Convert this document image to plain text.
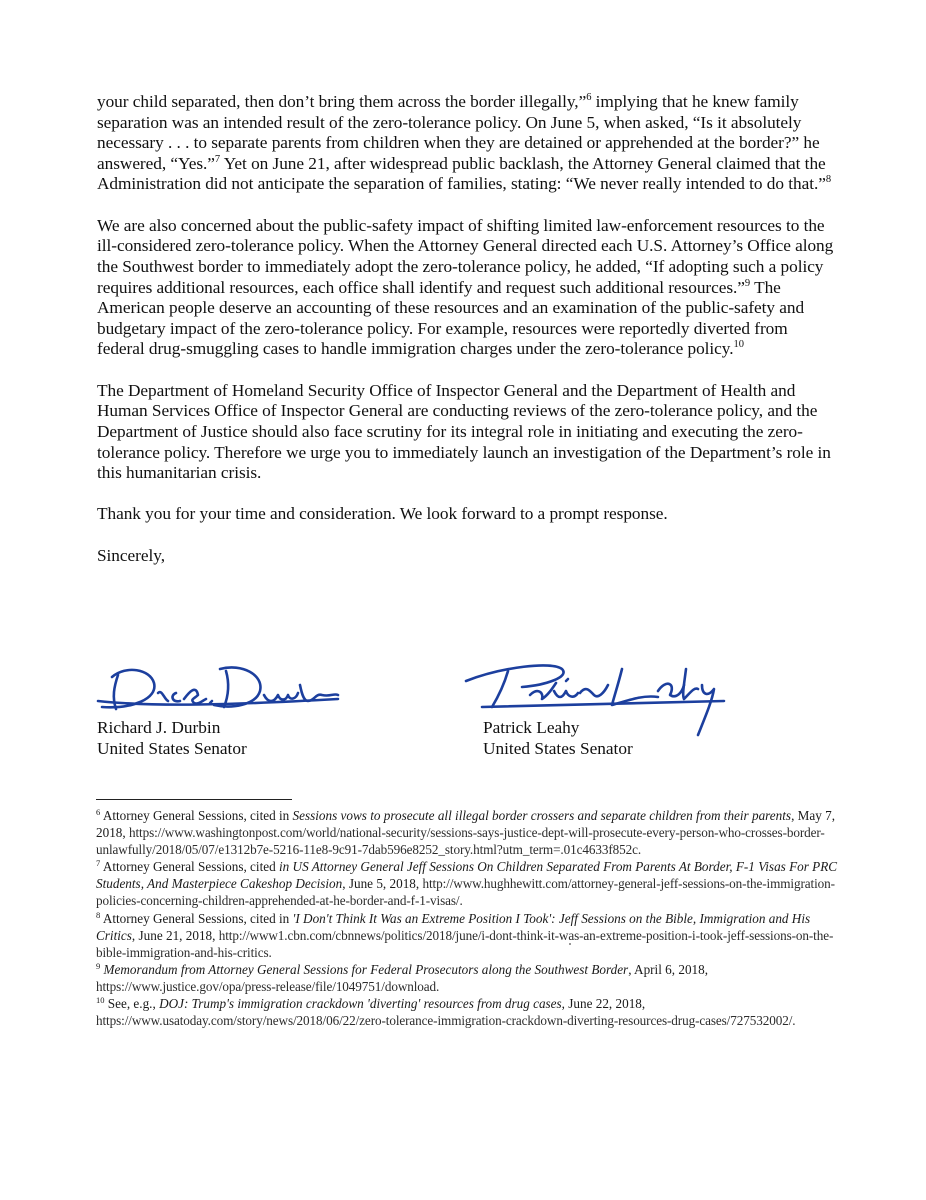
your child separated, then don’t bring them across the border illegally,”$^6$ implying that he knew family separation was an intended result of the zero-tolerance policy. On June 5, when asked, “Is it absolutely necessary . . . to separate parents from children when they are detained or apprehended at the border?” he answered, “Yes.”$^7$ Yet on June 21, after widespread public backlash, the Attorney General claimed that the Administration did not anticipate the separation of families, stating: “We never really intended to do that.”$^8$

We are also concerned about the public-safety impact of shifting limited law-enforcement resources to the ill-considered zero-tolerance policy. When the Attorney General directed each U.S. Attorney’s Office along the Southwest border to immediately adopt the zero-tolerance policy, he added, “If adopting such a policy requires additional resources, each office shall identify and request such additional resources.”$^9$ The American people deserve an accounting of these resources and an examination of the public-safety and budgetary impact of the zero-tolerance policy. For example, resources were reportedly diverted from federal drug-smuggling cases to handle immigration charges under the zero-tolerance policy.$^{10}$

The Department of Homeland Security Office of Inspector General and the Department of Health and Human Services Office of Inspector General are conducting reviews of the zero-tolerance policy, and the Department of Justice should also face scrutiny for its integral role in initiating and executing the zero-tolerance policy. Therefore we urge you to immediately launch an investigation of the Department’s role in this humanitarian crisis.

Thank you for your time and consideration. We look forward to a prompt response.

Sincerely,

Richard J. Durbin
United States Senator
Patrick Leahy
United States Senator

$^6$ Attorney General Sessions, cited in Sessions vows to prosecute all illegal border crossers and separate children from their parents, May 7, 2018, https://www.washingtonpost.com/world/national-security/sessions-says-justice-dept-will-prosecute-every-person-who-crosses-border-unlawfully/2018/05/07/e1312b7e-5216-11e8-9c91-7dab596e8252_story.html?utm_term=.01c4633f852c.

$^7$ Attorney General Sessions, cited in US Attorney General Jeff Sessions On Children Separated From Parents At Border, F-1 Visas For PRC Students, And Masterpiece Cakeshop Decision, June 5, 2018, http://www.hughhewitt.com/attorney-general-jeff-sessions-on-the-immigration-policies-concerning-children-apprehended-at-he-border-and-f-1-visas/.

$^8$ Attorney General Sessions, cited in 'I Don't Think It Was an Extreme Position I Took': Jeff Sessions on the Bible, Immigration and His Critics, June 21, 2018, http://www1.cbn.com/cbnnews/politics/2018/june/i-dont-think-it-was-an-extreme-position-i-took-jeff-sessions-on-the-bible-immigration-and-his-critics.

$^9$ Memorandum from Attorney General Sessions for Federal Prosecutors along the Southwest Border, April 6, 2018, https://www.justice.gov/opa/press-release/file/1049751/download.

$^{10}$ See, e.g., DOJ: Trump's immigration crackdown 'diverting' resources from drug cases, June 22, 2018, https://www.usatoday.com/story/news/2018/06/22/zero-tolerance-immigration-crackdown-diverting-resources-drug-cases/727532002/.
